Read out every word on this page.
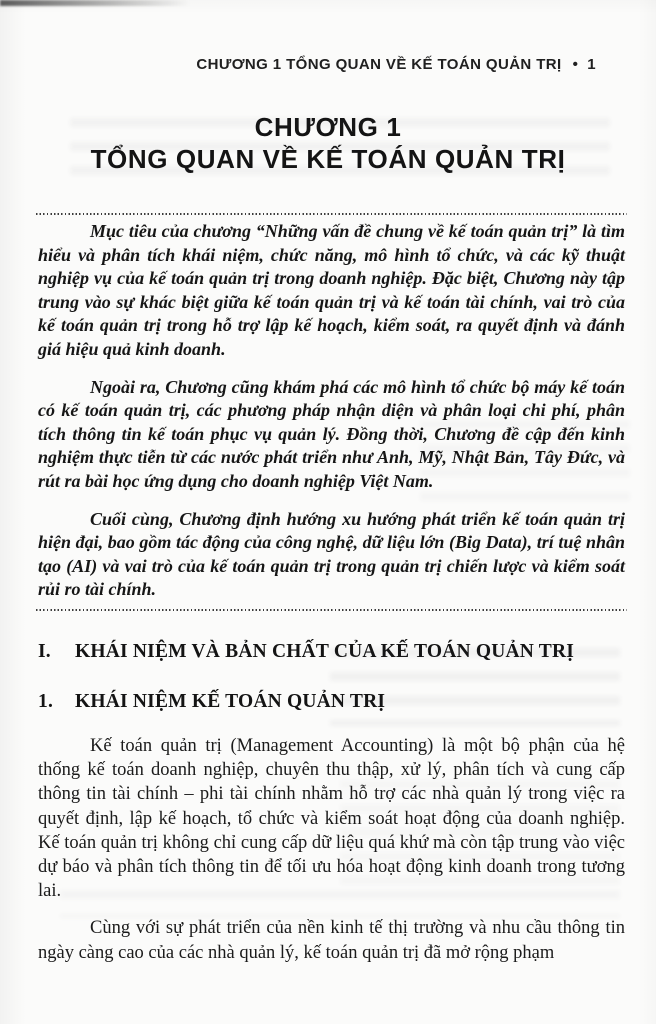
CHƯƠNG 1 TỔNG QUAN VỀ KẾ TOÁN QUẢN TRỊ • 1
CHƯƠNG 1
TỔNG QUAN VỀ KẾ TOÁN QUẢN TRỊ

Mục tiêu của chương “Những vấn đề chung về kế toán quản trị” là tìm hiểu và phân tích khái niệm, chức năng, mô hình tổ chức, và các kỹ thuật nghiệp vụ của kế toán quản trị trong doanh nghiệp. Đặc biệt, Chương này tập trung vào sự khác biệt giữa kế toán quản trị và kế toán tài chính, vai trò của kế toán quản trị trong hỗ trợ lập kế hoạch, kiểm soát, ra quyết định và đánh giá hiệu quả kinh doanh.

Ngoài ra, Chương cũng khám phá các mô hình tổ chức bộ máy kế toán có kế toán quản trị, các phương pháp nhận diện và phân loại chi phí, phân tích thông tin kế toán phục vụ quản lý. Đồng thời, Chương đề cập đến kinh nghiệm thực tiễn từ các nước phát triển như Anh, Mỹ, Nhật Bản, Tây Đức, và rút ra bài học ứng dụng cho doanh nghiệp Việt Nam.

Cuối cùng, Chương định hướng xu hướng phát triển kế toán quản trị hiện đại, bao gồm tác động của công nghệ, dữ liệu lớn (Big Data), trí tuệ nhân tạo (AI) và vai trò của kế toán quản trị trong quản trị chiến lược và kiểm soát rủi ro tài chính.

I.	KHÁI NIỆM VÀ BẢN CHẤT CỦA KẾ TOÁN QUẢN TRỊ
1.	KHÁI NIỆM KẾ TOÁN QUẢN TRỊ

Kế toán quản trị (Management Accounting) là một bộ phận của hệ thống kế toán doanh nghiệp, chuyên thu thập, xử lý, phân tích và cung cấp thông tin tài chính – phi tài chính nhằm hỗ trợ các nhà quản lý trong việc ra quyết định, lập kế hoạch, tổ chức và kiểm soát hoạt động của doanh nghiệp. Kế toán quản trị không chỉ cung cấp dữ liệu quá khứ mà còn tập trung vào việc dự báo và phân tích thông tin để tối ưu hóa hoạt động kinh doanh trong tương lai.

Cùng với sự phát triển của nền kinh tế thị trường và nhu cầu thông tin ngày càng cao của các nhà quản lý, kế toán quản trị đã mở rộng phạm
